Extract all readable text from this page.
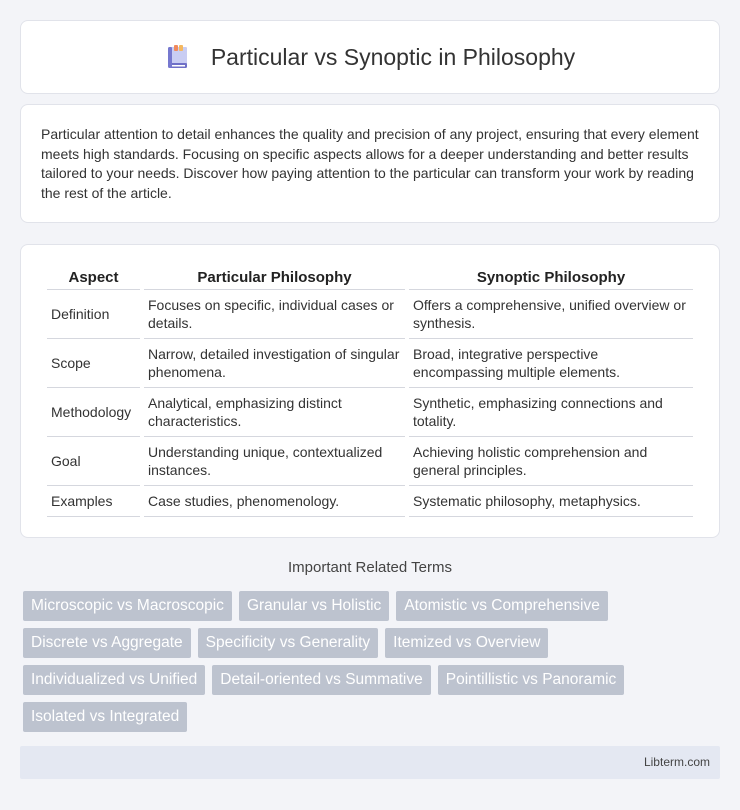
Particular vs Synoptic in Philosophy

Particular attention to detail enhances the quality and precision of any project, ensuring that every element meets high standards. Focusing on specific aspects allows for a deeper understanding and better results tailored to your needs. Discover how paying attention to the particular can transform your work by reading the rest of the article.

Aspect	Particular Philosophy	Synoptic Philosophy
Definition	Focuses on specific, individual cases or details.	Offers a comprehensive, unified overview or synthesis.
Scope	Narrow, detailed investigation of singular phenomena.	Broad, integrative perspective encompassing multiple elements.
Methodology	Analytical, emphasizing distinct characteristics.	Synthetic, emphasizing connections and totality.
Goal	Understanding unique, contextualized instances.	Achieving holistic comprehension and general principles.
Examples	Case studies, phenomenology.	Systematic philosophy, metaphysics.
Important Related Terms
Microscopic vs Macroscopic	Granular vs Holistic	Atomistic vs Comprehensive
Discrete vs Aggregate	Specificity vs Generality	Itemized vs Overview
Individualized vs Unified	Detail-oriented vs Summative	Pointillistic vs Panoramic
Isolated vs Integrated
Libterm.com
